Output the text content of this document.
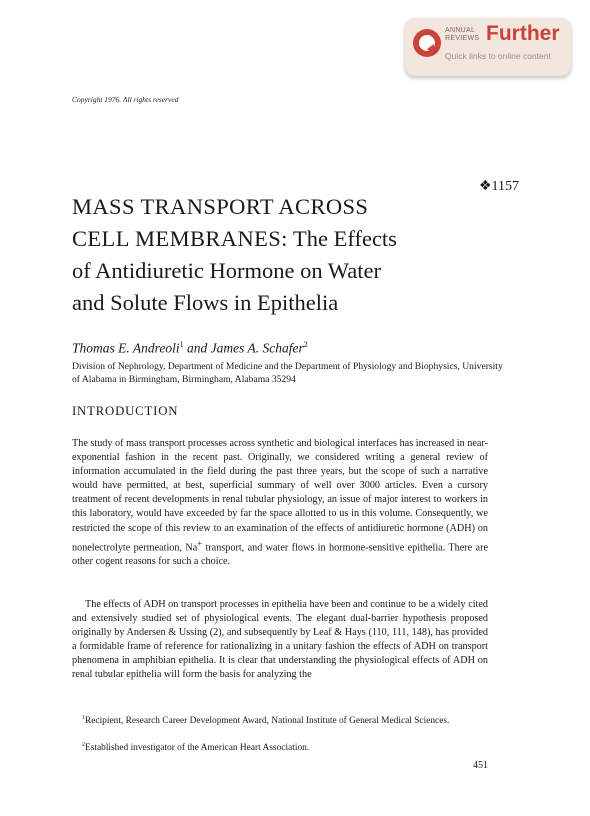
ANNUAL
REVIEWS Further
Quick links to online content
Copyright 1976. All rights reserved
❖1157
MASS TRANSPORT ACROSS
CELL MEMBRANES: The Effects
of Antidiuretic Hormone on Water
and Solute Flows in Epithelia
Thomas E. Andreoli$^1$ and James A. Schafer$^2$
Division of Nephrology, Department of Medicine and the Department of Physiology and Biophysics, University of Alabama in Birmingham, Birmingham, Alabama 35294
INTRODUCTION

The study of mass transport processes across synthetic and biological interfaces has increased in near-exponential fashion in the recent past. Originally, we considered writing a general review of information accumulated in the field during the past three years, but the scope of such a narrative would have permitted, at best, superficial summary of well over 3000 articles. Even a cursory treatment of recent developments in renal tubular physiology, an issue of major interest to workers in this laboratory, would have exceeded by far the space allotted to us in this volume. Consequently, we restricted the scope of this review to an examination of the effects of antidiuretic hormone (ADH) on nonelectrolyte permeation, Na+ transport, and water flows in hormone-sensitive epithelia. There are other cogent reasons for such a choice.

The effects of ADH on transport processes in epithelia have been and continue to be a widely cited and extensively studied set of physiological events. The elegant dual-barrier hypothesis proposed originally by Andersen & Ussing (2), and subsequently by Leaf & Hays (110, 111, 148), has provided a formidable frame of reference for rationalizing in a unitary fashion the effects of ADH on transport phenomena in amphibian epithelia. It is clear that understanding the physiological effects of ADH on renal tubular epithelia will form the basis for analyzing the

$^1$Recipient, Research Career Development Award, National Institute of General Medical Sciences.

$^2$Established investigator of the American Heart Association.

451
